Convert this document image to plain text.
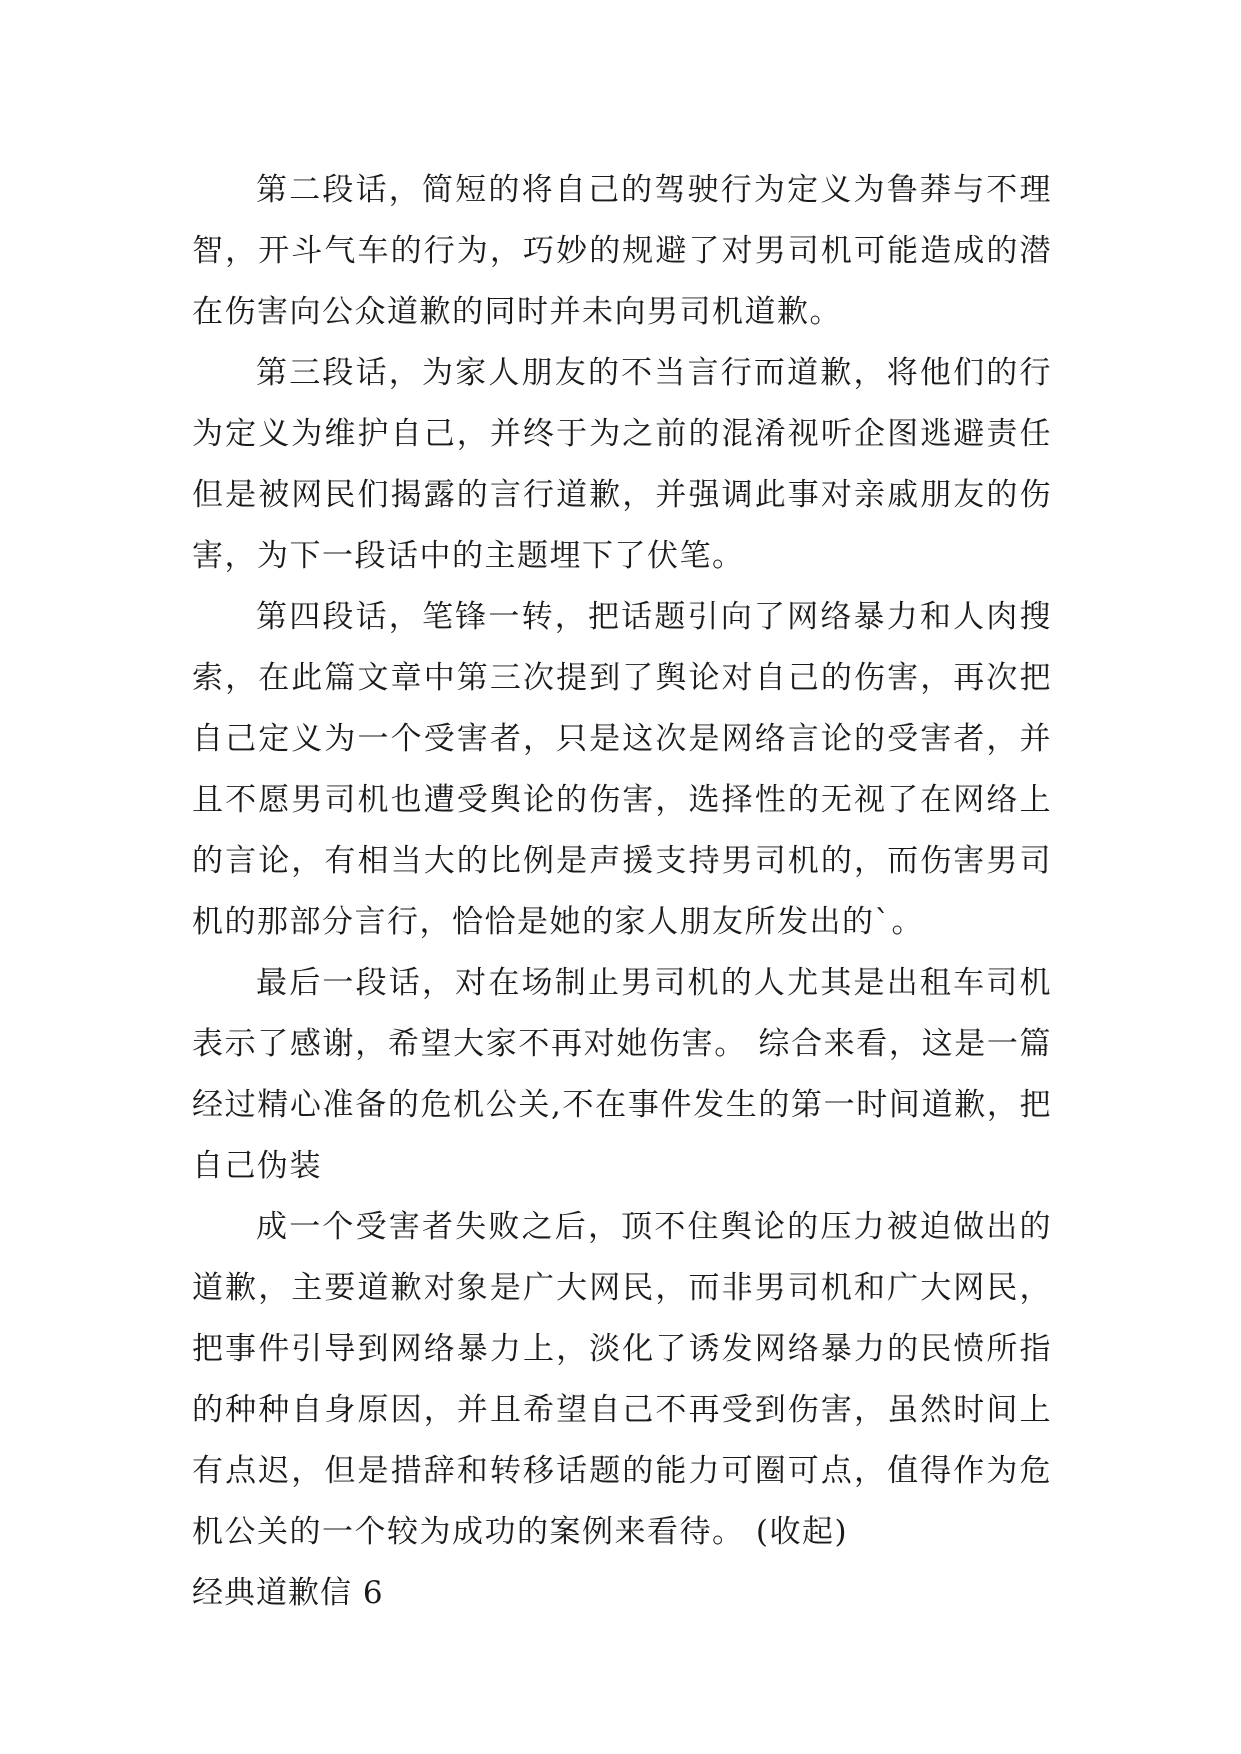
第二段话，简短的将自己的驾驶行为定义为鲁莽与不理智，开斗气车的行为，巧妙的规避了对男司机可能造成的潜在伤害向公众道歉的同时并未向男司机道歉。

第三段话，为家人朋友的不当言行而道歉，将他们的行为定义为维护自己，并终于为之前的混淆视听企图逃避责任但是被网民们揭露的言行道歉，并强调此事对亲戚朋友的伤害，为下一段话中的主题埋下了伏笔。

第四段话，笔锋一转，把话题引向了网络暴力和人肉搜索，在此篇文章中第三次提到了舆论对自己的伤害，再次把自己定义为一个受害者，只是这次是网络言论的受害者，并且不愿男司机也遭受舆论的伤害，选择性的无视了在网络上的言论，有相当大的比例是声援支持男司机的，而伤害男司机的那部分言行，恰恰是她的家人朋友所发出的`。

最后一段话，对在场制止男司机的人尤其是出租车司机表示了感谢，希望大家不再对她伤害。 综合来看，这是一篇经过精心准备的危机公关,不在事件发生的第一时间道歉，把自己伪装

成一个受害者失败之后，顶不住舆论的压力被迫做出的道歉，主要道歉对象是广大网民，而非男司机和广大网民，把事件引导到网络暴力上，淡化了诱发网络暴力的民愤所指的种种自身原因，并且希望自己不再受到伤害，虽然时间上有点迟，但是措辞和转移话题的能力可圈可点，值得作为危机公关的一个较为成功的案例来看待。 (收起)

经典道歉信 6
